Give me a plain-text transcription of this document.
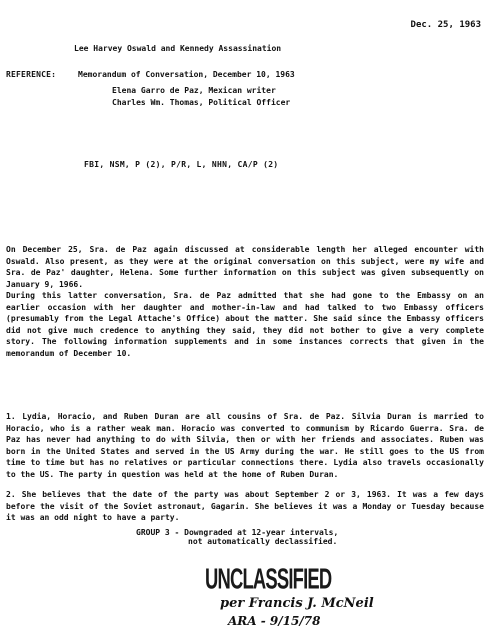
Dec. 25, 1963
Lee Harvey Oswald and Kennedy Assassination
REFERENCE:	Memorandum of Conversation, December 10, 1963
Elena Garro de Paz, Mexican writer
Charles Wm. Thomas, Political Officer
FBI, NSM, P (2), P/R, L, NHN, CA/P (2)

On December 25, Sra. de Paz again discussed at considerable length her alleged encounter with Oswald. Also present, as they were at the original conversation on this subject, were my wife and Sra. de Paz' daughter, Helena. Some further information on this subject was given subsequently on January 9, 1966.
During this latter conversation, Sra. de Paz admitted that she had gone to the Embassy on an earlier occasion with her daughter and mother-in-law and had talked to two Embassy officers (presumably from the Legal Attache's Office) about the matter. She said since the Embassy officers did not give much credence to anything they said, they did not bother to give a very complete story. The following information supplements and in some instances corrects that given in the memorandum of December 10.

1. Lydia, Horacio, and Ruben Duran are all cousins of Sra. de Paz. Silvia Duran is married to Horacio, who is a rather weak man. Horacio was converted to communism by Ricardo Guerra. Sra. de Paz has never had anything to do with Silvia, then or with her friends and associates. Ruben was born in the United States and served in the US Army during the war. He still goes to the US from time to time but has no relatives or particular connections there. Lydia also travels occasionally to the US. The party in question was held at the home of Ruben Duran.

2. She believes that the date of the party was about September 2 or 3, 1963. It was a few days before the visit of the Soviet astronaut, Gagarin. She believes it was a Monday or Tuesday because it was an odd night to have a party.

GROUP 3 - Downgraded at 12-year intervals,
not automatically declassified.
UNCLASSIFIED
per Francis J. McNeil
ARA - 9/15/78
